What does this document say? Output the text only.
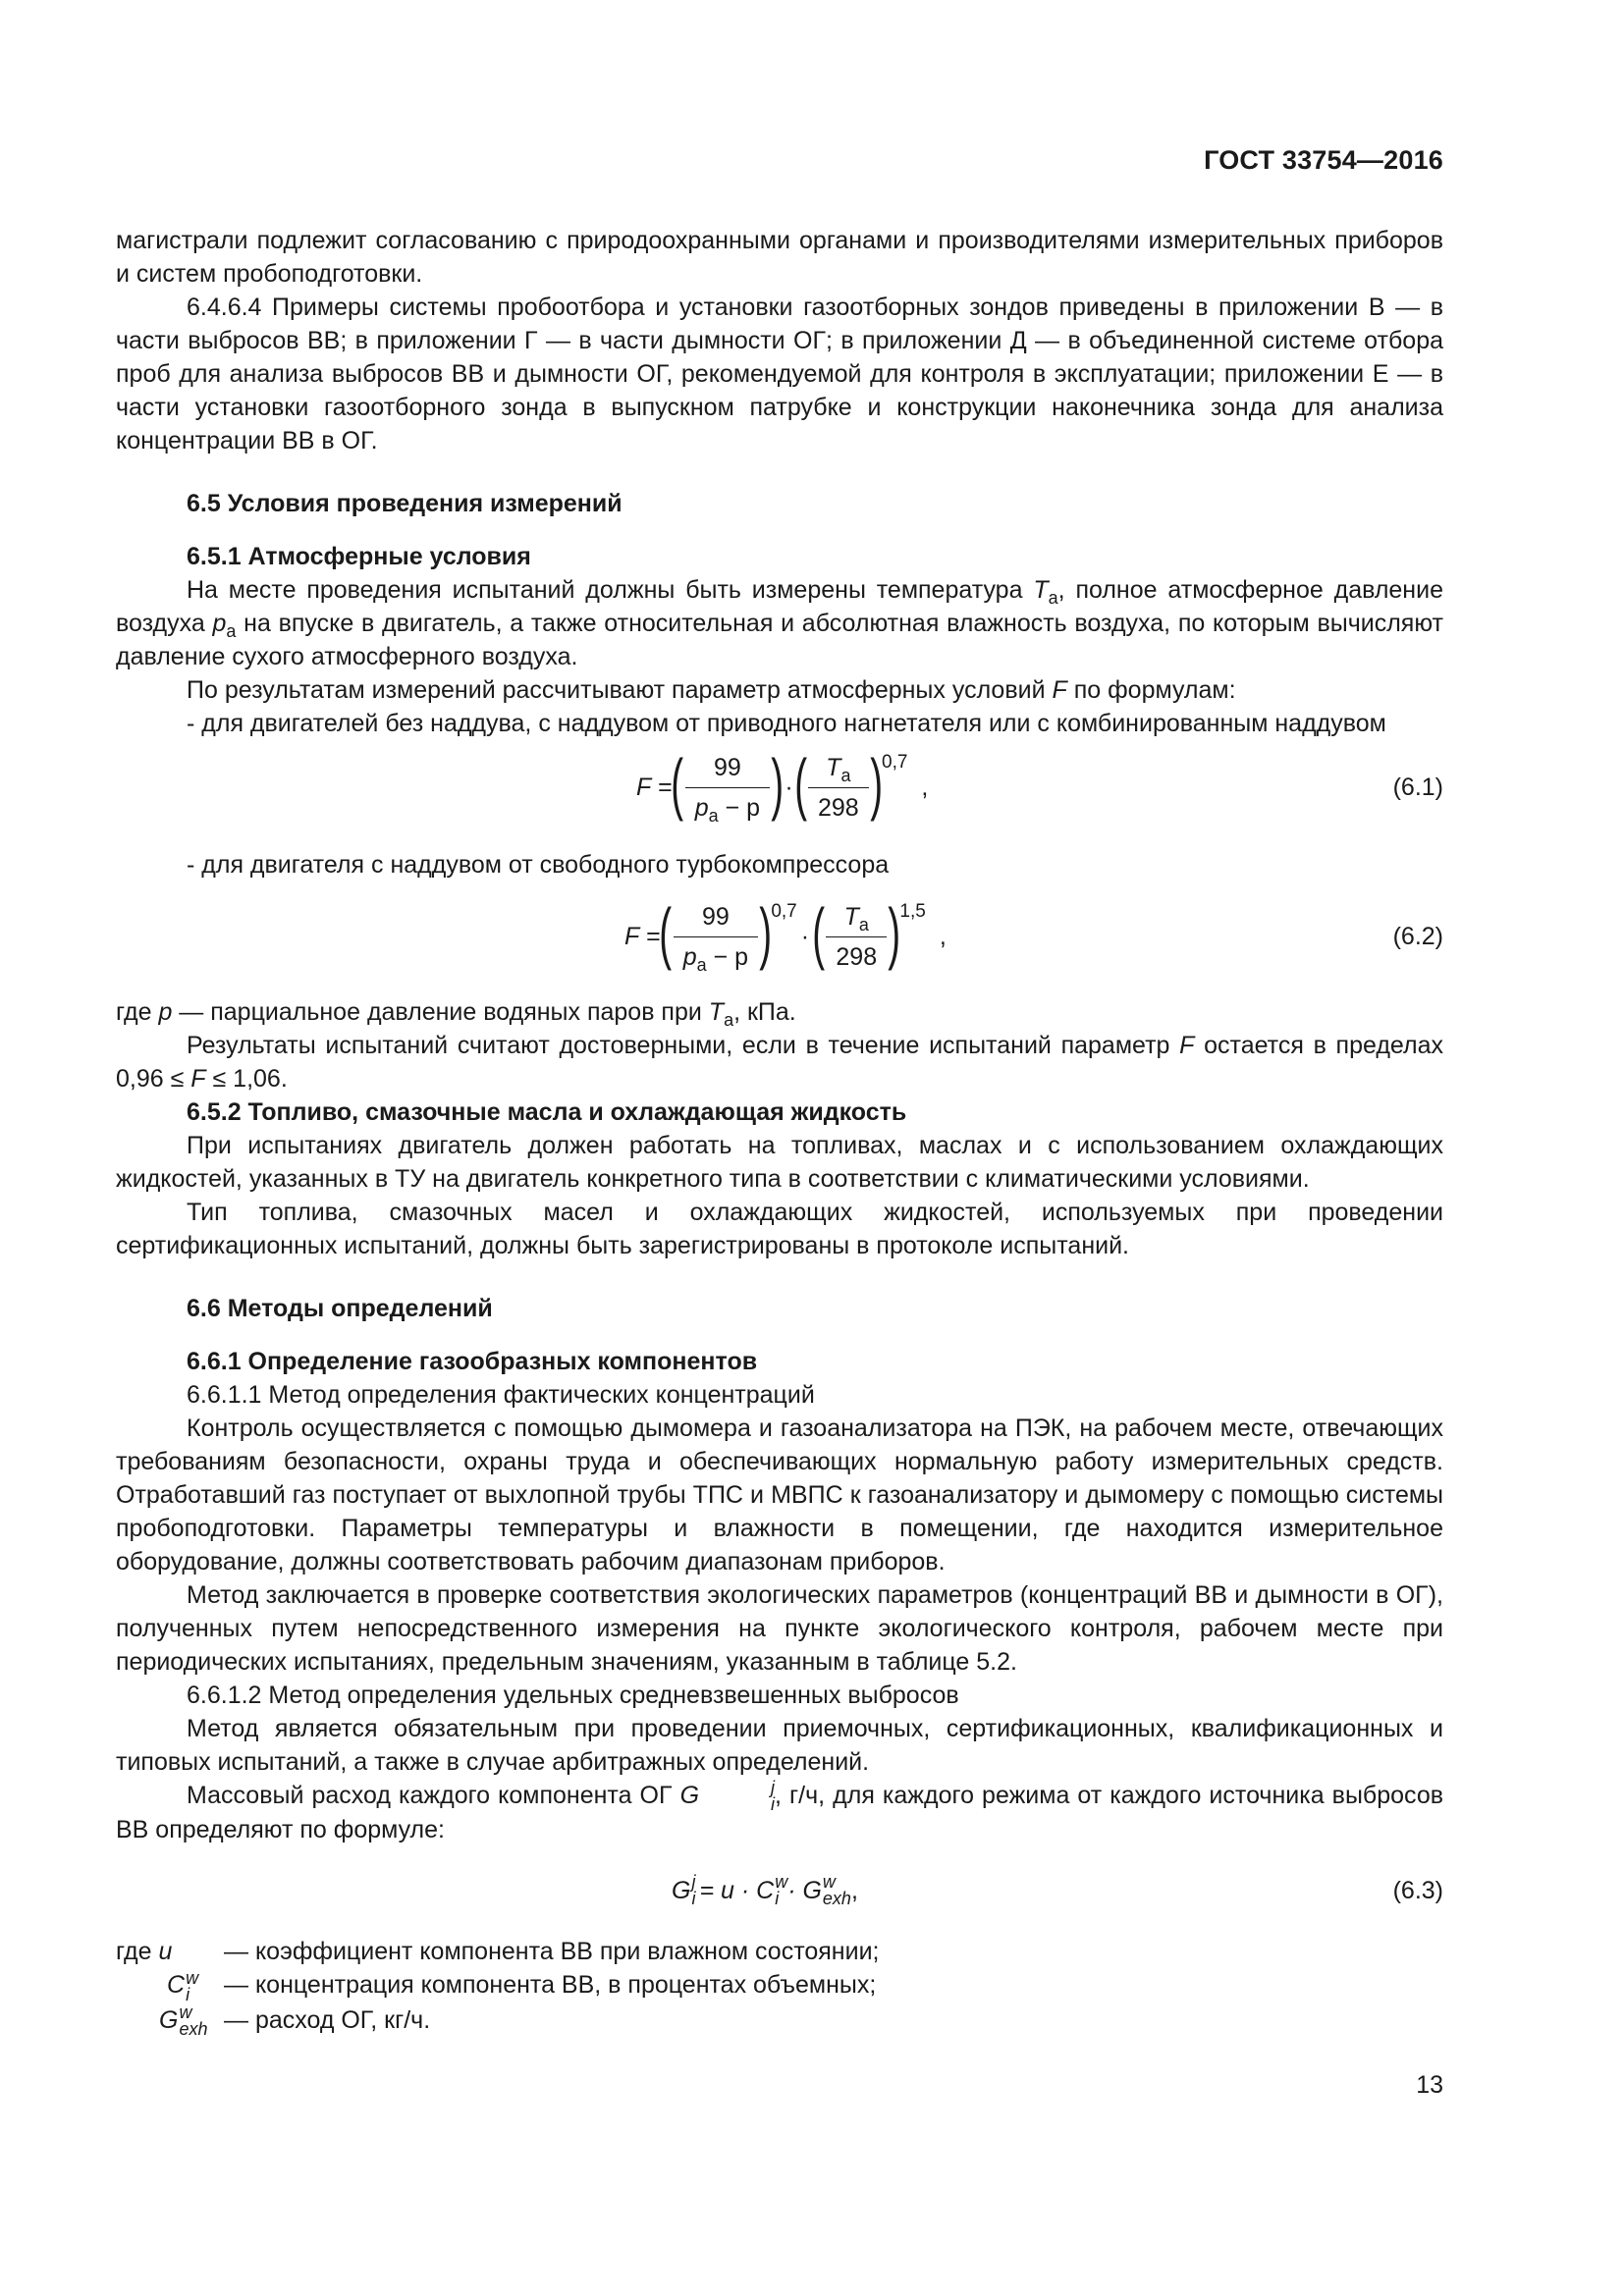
ГОСТ 33754—2016

магистрали подлежит согласованию с природоохранными органами и производителями измерительных приборов и систем пробоподготовки.

6.4.6.4 Примеры системы пробоотбора и установки газоотборных зондов приведены в приложении В — в части выбросов ВВ; в приложении Г — в части дымности ОГ; в приложении Д — в объединенной системе отбора проб для анализа выбросов ВВ и дымности ОГ, рекомендуемой для контроля в эксплуатации; приложении Е — в части установки газоотборного зонда в выпускном патрубке и конструкции наконечника зонда для анализа концентрации ВВ в ОГ.

6.5 Условия проведения измерений

6.5.1 Атмосферные условия

На месте проведения испытаний должны быть измерены температура $T_a$, полное атмосферное давление воздуха $p_a$ на впуске в двигатель, а также относительная и абсолютная влажность воздуха, по которым вычисляют давление сухого атмосферного воздуха.

По результатам измерений рассчитывают параметр атмосферных условий F по формулам:

- для двигателей без наддува, с наддувом от приводного нагнетателя или с комбинированным наддувом

F = (	99
$p_a - p$ ) · ( $T_a$
298 ) 0,7
,	(6.1)

- для двигателя с наддувом от свободного турбокомпрессора

F = (	99
$p_a - p$ ) 0,7
· ( $T_a$
298 ) 1,5
,	(6.2)

где p — парциальное давление водяных паров при $T_a$, кПа.

Результаты испытаний считают достоверными, если в течение испытаний параметр F остается в пределах 0,96 ≤ F ≤ 1,06.

6.5.2 Топливо, смазочные масла и охлаждающая жидкость

При испытаниях двигатель должен работать на топливах, маслах и с использованием охлаждающих жидкостей, указанных в ТУ на двигатель конкретного типа в соответствии с климатическими условиями.

Тип топлива, смазочных масел и охлаждающих жидкостей, используемых при проведении сертификационных испытаний, должны быть зарегистрированы в протоколе испытаний.

6.6 Методы определений

6.6.1 Определение газообразных компонентов

6.6.1.1 Метод определения фактических концентраций

Контроль осуществляется с помощью дымомера и газоанализатора на ПЭК, на рабочем месте, отвечающих требованиям безопасности, охраны труда и обеспечивающих нормальную работу измерительных средств. Отработавший газ поступает от выхлопной трубы ТПС и МВПС к газоанализатору и дымомеру с помощью системы пробоподготовки. Параметры температуры и влажности в помещении, где находится измерительное оборудование, должны соответствовать рабочим диапазонам приборов.

Метод заключается в проверке соответствия экологических параметров (концентраций ВВ и дымности в ОГ), полученных путем непосредственного измерения на пункте экологического контроля, рабочем месте при периодических испытаниях, предельным значениям, указанным в таблице 5.2.

6.6.1.2 Метод определения удельных средневзвешенных выбросов

Метод является обязательным при проведении приемочных, сертификационных, квалификационных и типовых испытаний, а также в случае арбитражных определений.

Массовый расход каждого компонента ОГ G	j
i , г/ч, для каждого режима от каждого источника выбросов ВВ определяют по формуле:

G j
i = u · C w
i · G w
exh ,	(6.3)
где u	— коэффициент компонента ВВ при влажном состоянии;
C w
i	— концентрация компонента ВВ, в процентах объемных;
G w
exh — расход ОГ, кг/ч.
13
